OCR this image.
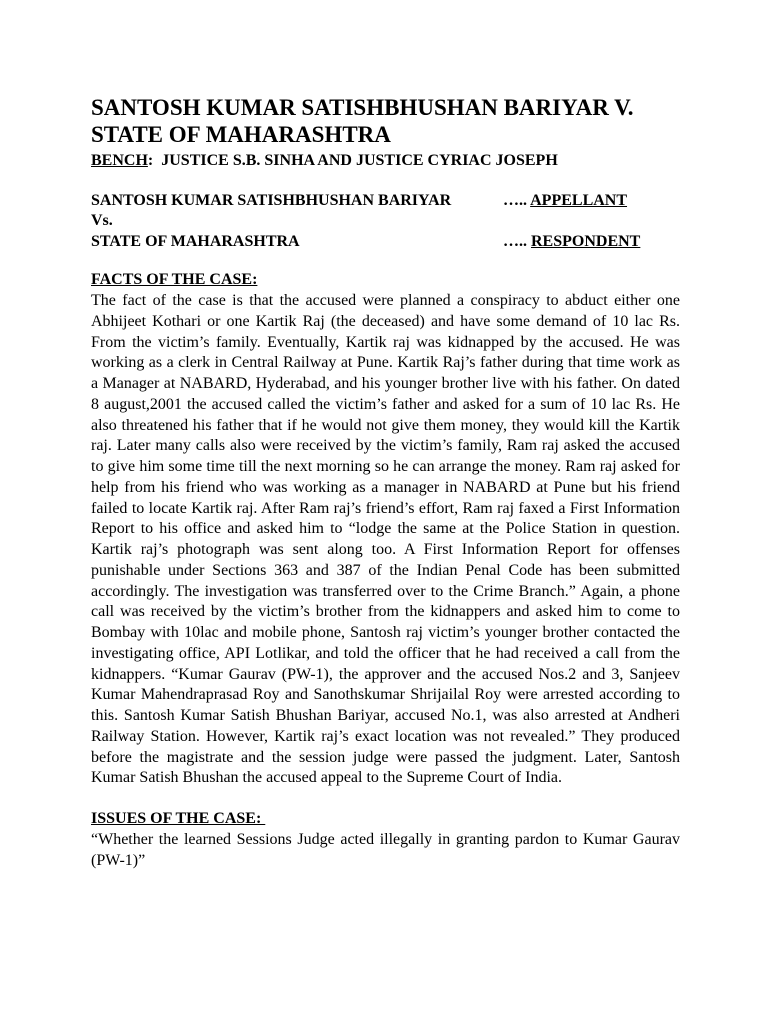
SANTOSH KUMAR SATISHBHUSHAN BARIYAR V.
STATE OF MAHARASHTRA

BENCH:  JUSTICE S.B. SINHA AND JUSTICE CYRIAC JOSEPH

SANTOSH KUMAR SATISHBHUSHAN BARIYAR	….. APPELLANT
Vs.
STATE OF MAHARASHTRA	….. RESPONDENT
FACTS OF THE CASE:

The fact of the case is that the accused were planned a conspiracy to abduct either one Abhijeet Kothari or one Kartik Raj (the deceased) and have some demand of 10 lac Rs. From the victim’s family. Eventually, Kartik raj was kidnapped by the accused. He was working as a clerk in Central Railway at Pune. Kartik Raj’s father during that time work as a Manager at NABARD, Hyderabad, and his younger brother live with his father. On dated 8 august,2001 the accused called the victim’s father and asked for a sum of 10 lac Rs. He also threatened his father that if he would not give them money, they would kill the Kartik raj. Later many calls also were received by the victim’s family, Ram raj asked the accused to give him some time till the next morning so he can arrange the money. Ram raj asked for help from his friend who was working as a manager in NABARD at Pune but his friend failed to locate Kartik raj. After Ram raj’s friend’s effort, Ram raj faxed a First Information Report to his office and asked him to “lodge the same at the Police Station in question. Kartik raj’s photograph was sent along too. A First Information Report for offenses punishable under Sections 363 and 387 of the Indian Penal Code has been submitted accordingly. The investigation was transferred over to the Crime Branch.” Again, a phone call was received by the victim’s brother from the kidnappers and asked him to come to Bombay with 10lac and mobile phone, Santosh raj victim’s younger brother contacted the investigating office, API Lotlikar, and told the officer that he had received a call from the kidnappers. “Kumar Gaurav (PW-1), the approver and the accused Nos.2 and 3, Sanjeev Kumar Mahendraprasad Roy and Sanothskumar Shrijailal Roy were arrested according to this. Santosh Kumar Satish Bhushan Bariyar, accused No.1, was also arrested at Andheri Railway Station. However, Kartik raj’s exact location was not revealed.” They produced before the magistrate and the session judge were passed the judgment. Later, Santosh Kumar Satish Bhushan the accused appeal to the Supreme Court of India.

ISSUES OF THE CASE:

“Whether the learned Sessions Judge acted illegally in granting pardon to Kumar Gaurav (PW-1)”
